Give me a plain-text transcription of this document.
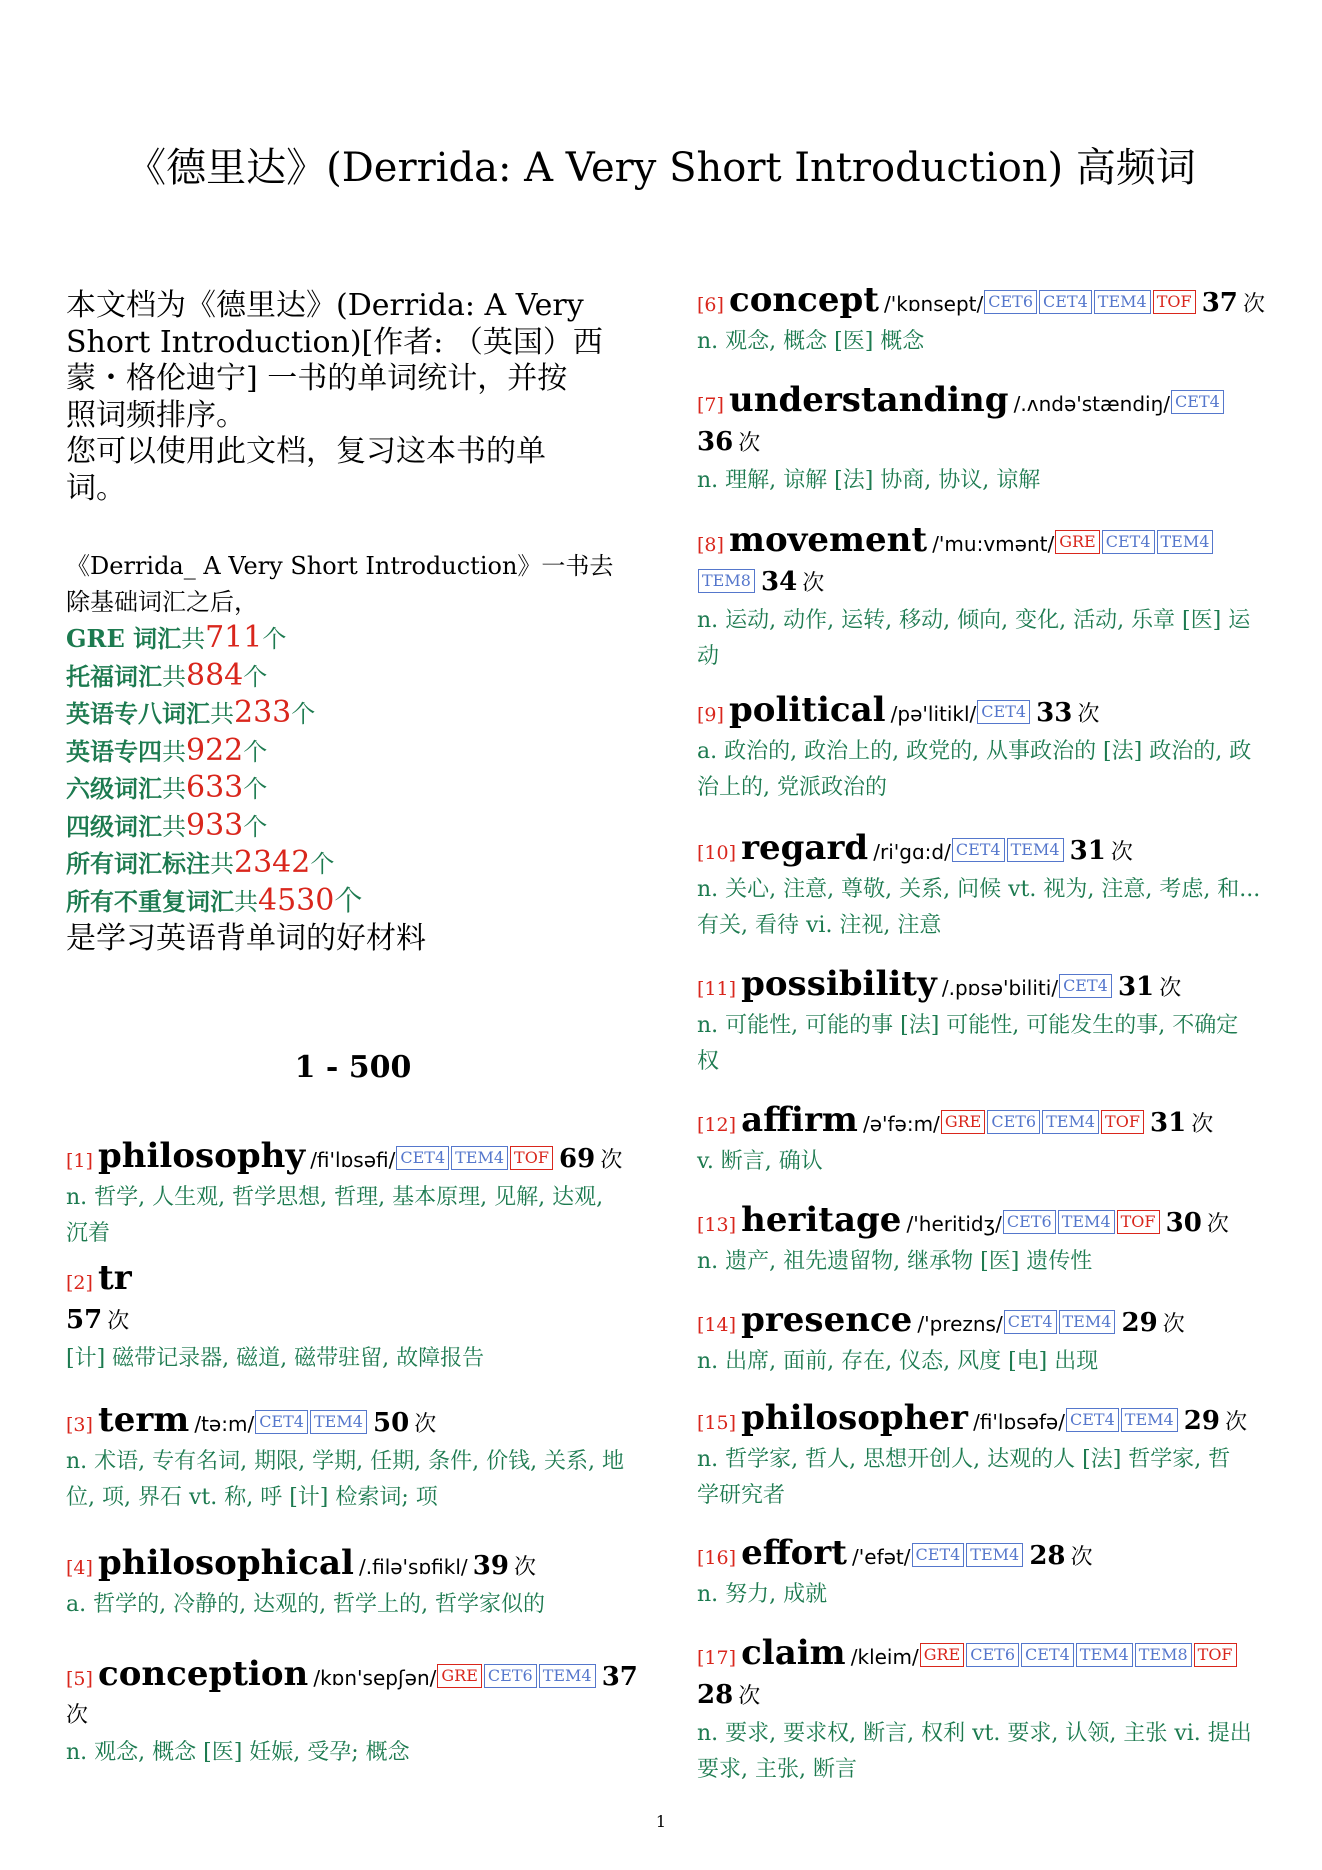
《德里达》(Derrida: A Very Short Introduction) 高频词

本文档为《德里达》(Derrida: A Very

Short Introduction)[作者: （英国）西

蒙・格伦迪宁] 一书的单词统计，并按

照词频排序。

您可以使用此文档，复习这本书的单

词。

《Derrida_ A Very Short Introduction》一书去
除基础词汇之后，
GRE 词汇共711个
托福词汇共884个
英语专八词汇共233个
英语专四共922个
六级词汇共633个
四级词汇共933个
所有词汇标注共2342个
所有不重复词汇共4530个
是学习英语背单词的好材料
1 - 500
[1] philosophy /fi'lɒsəfi/ CET4 TEM4 TOF 69 次
n. 哲学, 人生观, 哲学思想, 哲理, 基本原理, 见解, 达观,
沉着
[2] tr
57 次
[计] 磁带记录器, 磁道, 磁带驻留, 故障报告
[3] term /tə:m/ CET4 TEM4 50 次
n. 术语, 专有名词, 期限, 学期, 任期, 条件, 价钱, 关系, 地
位, 项, 界石 vt. 称, 呼 [计] 检索词; 项
[4] philosophical /.filə'sɒfikl/ 39 次
a. 哲学的, 冷静的, 达观的, 哲学上的, 哲学家似的
[5] conception /kɒn'sepʃən/ GRE CET6 TEM4 37 次
n. 观念, 概念 [医] 妊娠, 受孕; 概念
[6] concept /'kɒnsept/ CET6 CET4 TEM4 TOF 37 次
n. 观念, 概念 [医] 概念
[7] understanding /.ʌndə'stændiŋ/ CET4 36 次
n. 理解, 谅解 [法] 协商, 协议, 谅解
[8] movement /'mu:vmənt/ GRE CET4 TEM4TEM8 34 次
n. 运动, 动作, 运转, 移动, 倾向, 变化, 活动, 乐章 [医] 运
动
[9] political /pə'litikl/ CET4 33 次
a. 政治的, 政治上的, 政党的, 从事政治的 [法] 政治的, 政
治上的, 党派政治的
[10] regard /ri'gɑ:d/ CET4 TEM4 31 次
n. 关心, 注意, 尊敬, 关系, 问候 vt. 视为, 注意, 考虑, 和...
有关, 看待 vi. 注视, 注意
[11] possibility /.pɒsə'biliti/ CET4 31 次
n. 可能性, 可能的事 [法] 可能性, 可能发生的事, 不确定
权
[12] affirm /ə'fə:m/ GRE CET6 TEM4 TOF 31 次
v. 断言, 确认
[13] heritage /'heritidʒ/ CET6 TEM4 TOF 30 次
n. 遗产, 祖先遗留物, 继承物 [医] 遗传性
[14] presence /'prezns/ CET4 TEM4 29 次
n. 出席, 面前, 存在, 仪态, 风度 [电] 出现
[15] philosopher /fi'lɒsəfə/ CET4 TEM4 29 次
n. 哲学家, 哲人, 思想开创人, 达观的人 [法] 哲学家, 哲
学研究者
[16] effort /'efət/ CET4 TEM4 28 次
n. 努力, 成就
[17] claim /kleim/ GRE CET6 CET4 TEM4 TEM8 TOF 28 次
n. 要求, 要求权, 断言, 权利 vt. 要求, 认领, 主张 vi. 提出
要求, 主张, 断言
1
